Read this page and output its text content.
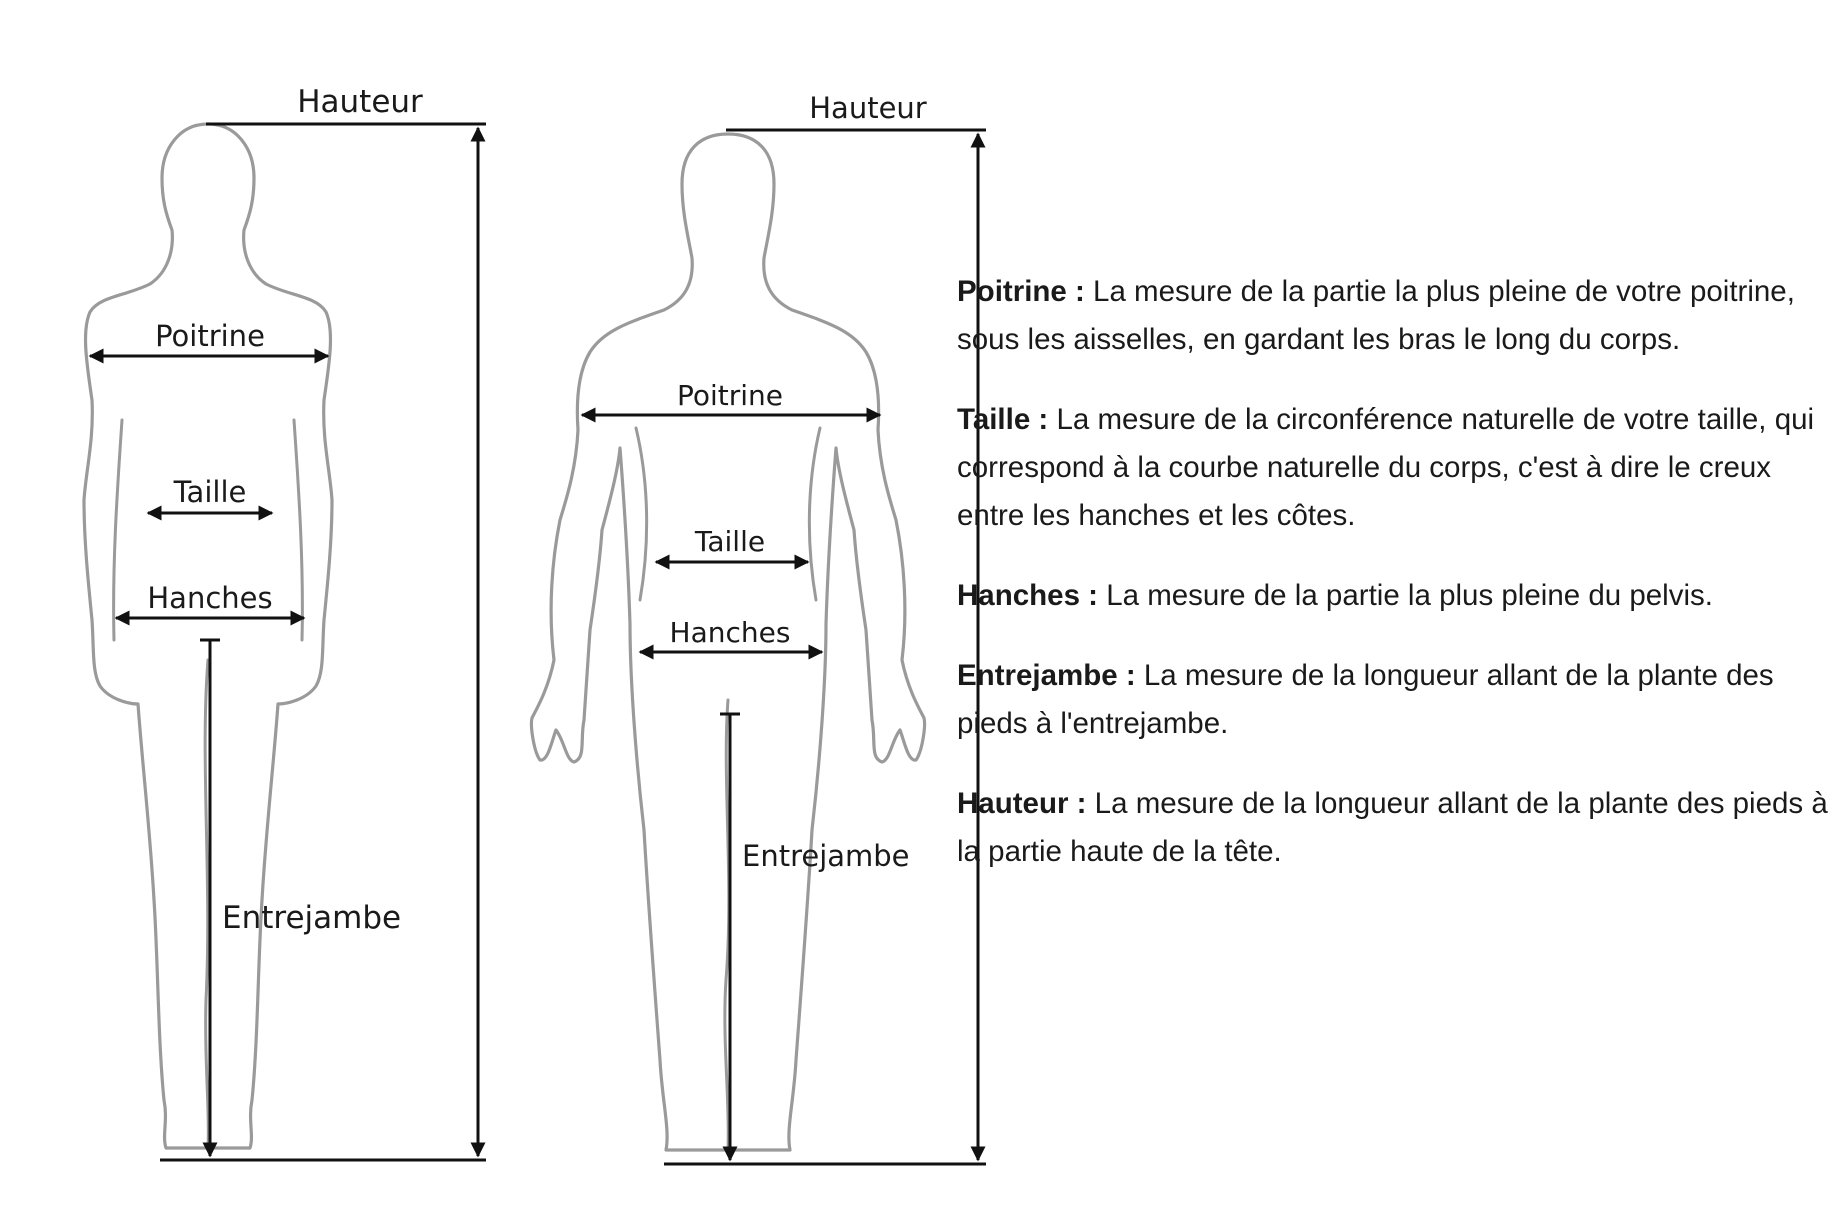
Hauteur
Poitrine
Taille
Hanches
Entrejambe
Hauteur
Poitrine
Taille
Hanches
Entrejambe

Poitrine : La mesure de la partie la plus pleine de votre poitrine, sous les aisselles, en gardant les bras le long du corps.

Taille : La mesure de la circonférence naturelle de votre taille, qui correspond à la courbe naturelle du corps, c'est à dire le creux entre les hanches et les côtes.

Hanches : La mesure de la partie la plus pleine du pelvis.

Entrejambe : La mesure de la longueur allant de la plante des pieds à l'entrejambe.

Hauteur : La mesure de la longueur allant de la plante des pieds à la partie haute de la tête.
